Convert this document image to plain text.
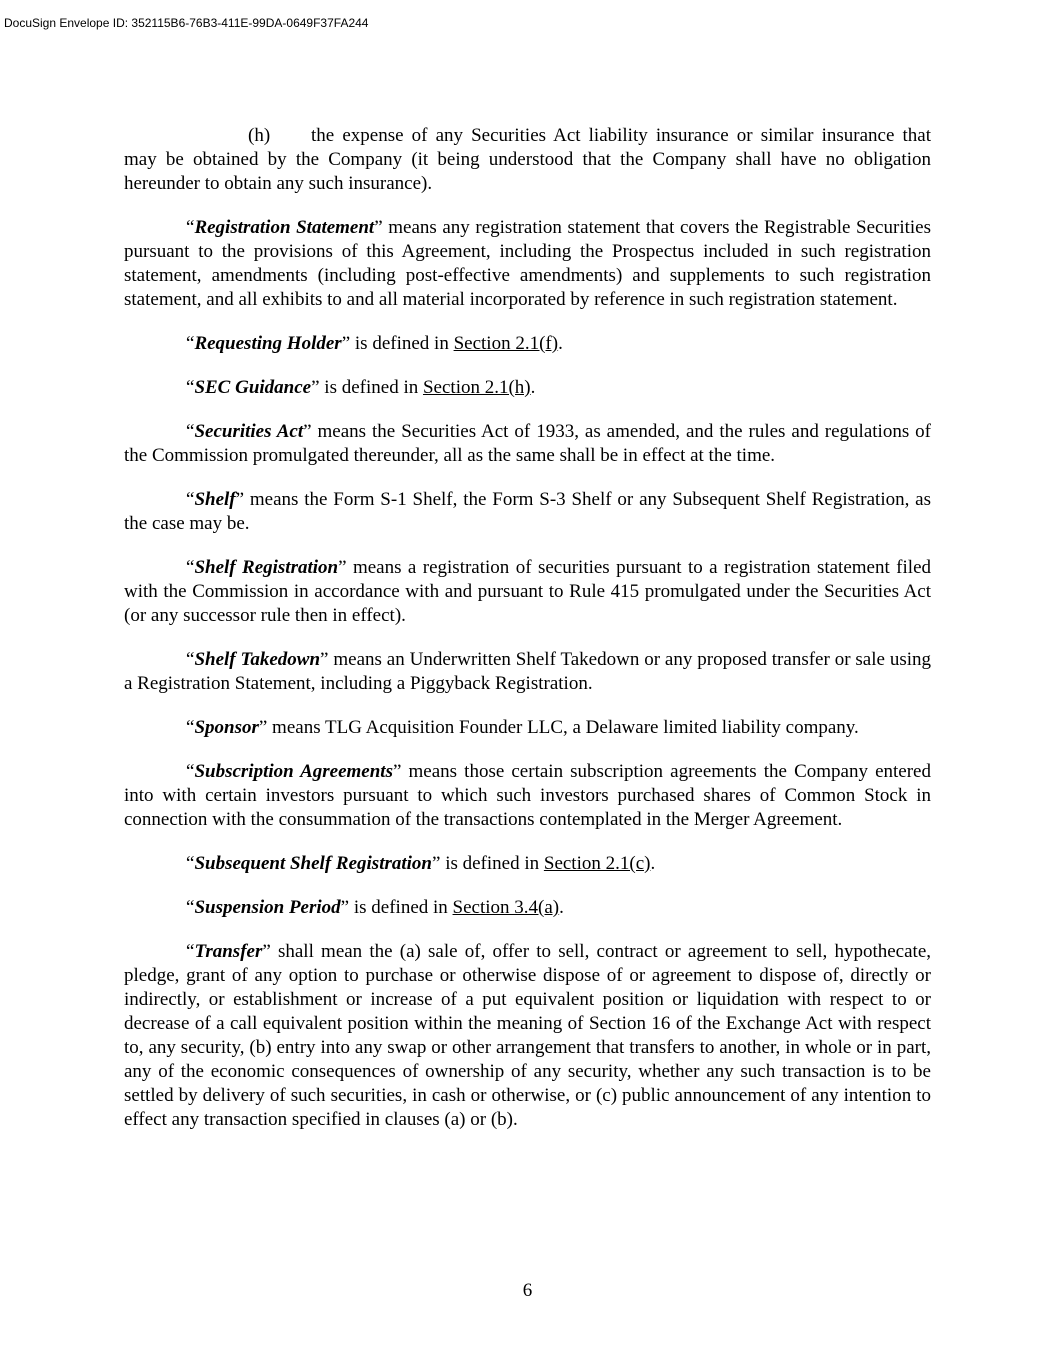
DocuSign Envelope ID: 352115B6-76B3-411E-99DA-0649F37FA244

(h) the expense of any Securities Act liability insurance or similar insurance that may be obtained by the Company (it being understood that the Company shall have no obligation hereunder to obtain any such insurance).

“Registration Statement” means any registration statement that covers the Registrable Securities pursuant to the provisions of this Agreement, including the Prospectus included in such registration statement, amendments (including post-effective amendments) and supplements to such registration statement, and all exhibits to and all material incorporated by reference in such registration statement.

“Requesting Holder” is defined in Section 2.1(f).

“SEC Guidance” is defined in Section 2.1(h).

“Securities Act” means the Securities Act of 1933, as amended, and the rules and regulations of the Commission promulgated thereunder, all as the same shall be in effect at the time.

“Shelf” means the Form S-1 Shelf, the Form S-3 Shelf or any Subsequent Shelf Registration, as the case may be.

“Shelf Registration” means a registration of securities pursuant to a registration statement filed with the Commission in accordance with and pursuant to Rule 415 promulgated under the Securities Act (or any successor rule then in effect).

“Shelf Takedown” means an Underwritten Shelf Takedown or any proposed transfer or sale using a Registration Statement, including a Piggyback Registration.

“Sponsor” means TLG Acquisition Founder LLC, a Delaware limited liability company.

“Subscription Agreements” means those certain subscription agreements the Company entered into with certain investors pursuant to which such investors purchased shares of Common Stock in connection with the consummation of the transactions contemplated in the Merger Agreement.

“Subsequent Shelf Registration” is defined in Section 2.1(c).

“Suspension Period” is defined in Section 3.4(a).

“Transfer” shall mean the (a) sale of, offer to sell, contract or agreement to sell, hypothecate, pledge, grant of any option to purchase or otherwise dispose of or agreement to dispose of, directly or indirectly, or establishment or increase of a put equivalent position or liquidation with respect to or decrease of a call equivalent position within the meaning of Section 16 of the Exchange Act with respect to, any security, (b) entry into any swap or other arrangement that transfers to another, in whole or in part, any of the economic consequences of ownership of any security, whether any such transaction is to be settled by delivery of such securities, in cash or otherwise, or (c) public announcement of any intention to effect any transaction specified in clauses (a) or (b).

6
